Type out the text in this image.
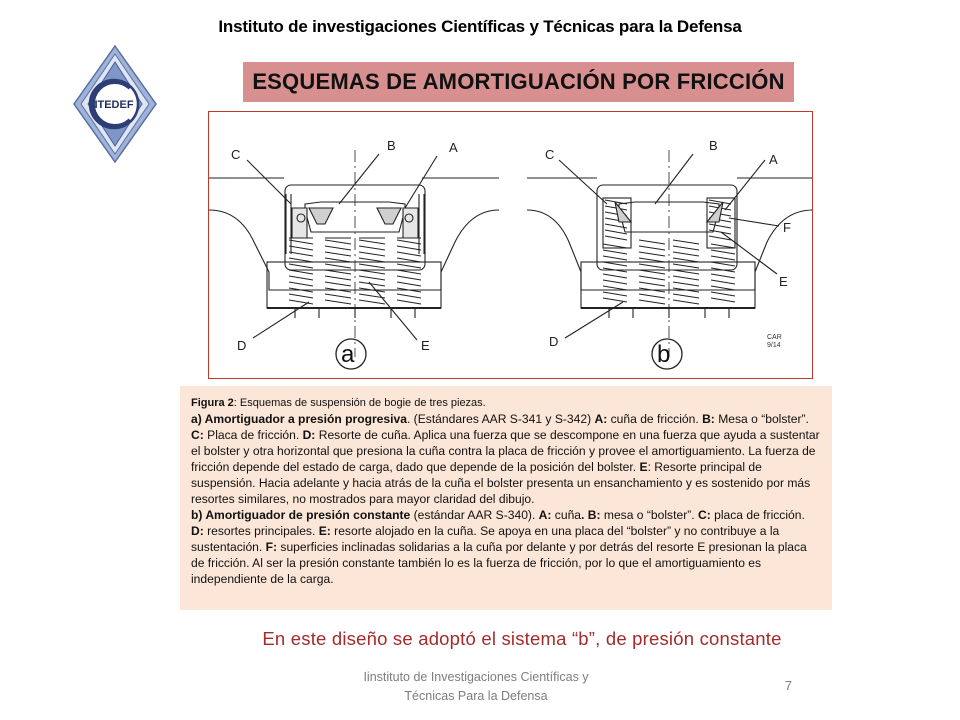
Instituto de investigaciones Científicas y Técnicas para la Defensa
ITEDEF
ESQUEMAS DE AMORTIGUACIÓN POR FRICCIÓN
C
B	A
D	E
a
C
B
A
F
E
D	b
CAR
9/14

Figura 2: Esquemas de suspensión de bogie de tres piezas.

a) Amortiguador a presión progresiva. (Estándares AAR S-341 y S-342) A: cuña de fricción. B: Mesa o “bolster”. C: Placa de fricción. D: Resorte de cuña. Aplica una fuerza que se descompone en una fuerza que ayuda a sustentar el bolster y otra horizontal que presiona la cuña contra la placa de fricción y provee el amortiguamiento. La fuerza de fricción depende del estado de carga, dado que depende de la posición del bolster. E: Resorte principal de suspensión. Hacia adelante y hacia atrás de la cuña el bolster presenta un ensanchamiento y es sostenido por más resortes similares, no mostrados para mayor claridad del dibujo.

b) Amortiguador de presión constante (estándar AAR S-340). A: cuña. B: mesa o “bolster”. C: placa de fricción. D: resortes principales. E: resorte alojado en la cuña. Se apoya en una placa del “bolster” y no contribuye a la sustentación. F: superficies inclinadas solidarias a la cuña por delante y por detrás del resorte E presionan la placa de fricción. Al ser la presión constante también lo es la fuerza de fricción, por lo que el amortiguamiento es independiente de la carga.

En este diseño se adoptó el sistema “b”, de presión constante
Iinstituto de Investigaciones Científicas y
Técnicas Para la Defensa
7
